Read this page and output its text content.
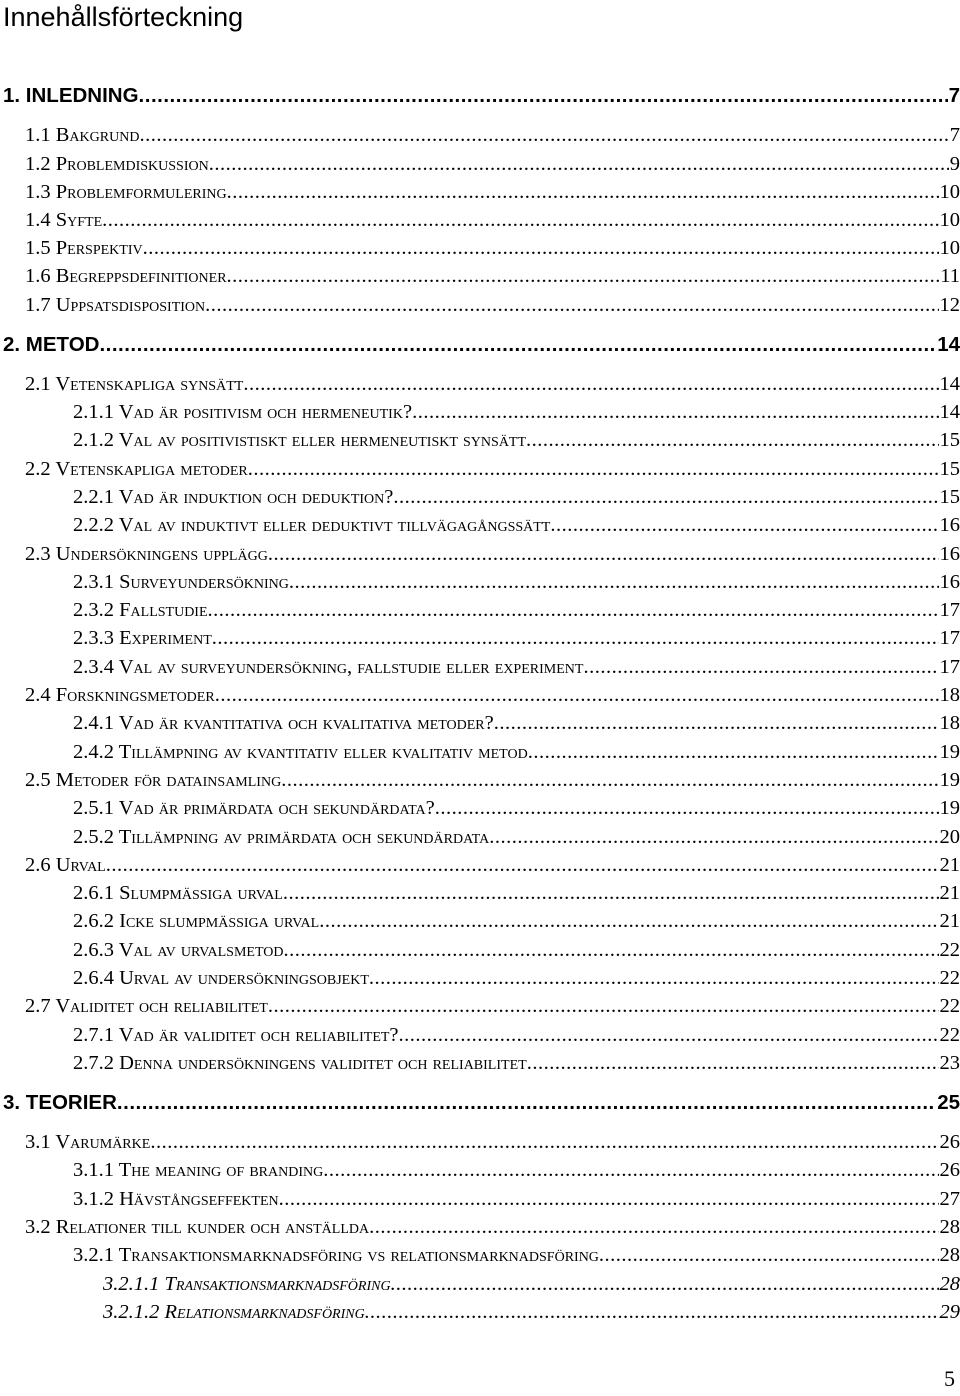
Innehållsförteckning
1. INLEDNING .....	7
1.1 Bakgrund .....	7
1.2 Problemdiskussion .....	9
1.3 Problemformulering .....	10
1.4 Syfte .....	10
1.5 Perspektiv .....	10
1.6 Begreppsdefinitioner .....	11
1.7 Uppsatsdisposition .....	12
2. METOD .....	14
2.1 Vetenskapliga synsätt .....	14
2.1.1 Vad är positivism och hermeneutik? .....	14
2.1.2 Val av positivistiskt eller hermeneutiskt synsätt .....	15
2.2 Vetenskapliga metoder .....	15
2.2.1 Vad är induktion och deduktion? .....	15
2.2.2 Val av induktivt eller deduktivt tillvägagångssätt .....	16
2.3 Undersökningens upplägg .....	16
2.3.1 Surveyundersökning .....	16
2.3.2 Fallstudie .....	17
2.3.3 Experiment .....	17
2.3.4 Val av surveyundersökning, fallstudie eller experiment .....	17
2.4 Forskningsmetoder .....	18
2.4.1 Vad är kvantitativa och kvalitativa metoder? .....	18
2.4.2 Tillämpning av kvantitativ eller kvalitativ metod .....	19
2.5 Metoder för datainsamling .....	19
2.5.1 Vad är primärdata och sekundärdata? .....	19
2.5.2 Tillämpning av primärdata och sekundärdata .....	20
2.6 Urval .....	21
2.6.1 Slumpmässiga urval .....	21
2.6.2 Icke slumpmässiga urval .....	21
2.6.3 Val av urvalsmetod .....	22
2.6.4 Urval av undersökningsobjekt .....	22
2.7 Validitet och reliabilitet .....	22
2.7.1 Vad är validitet och reliabilitet? .....	22
2.7.2 Denna undersökningens validitet och reliabilitet .....	23
3. TEORIER .....	25
3.1 Varumärke .....	26
3.1.1 The meaning of branding .....	26
3.1.2 Hävstångseffekten .....	27
3.2 Relationer till kunder och anställda .....	28
3.2.1 Transaktionsmarknadsföring vs relationsmarknadsföring .....	28
3.2.1.1 Transaktionsmarknadsföring .....	28
3.2.1.2 Relationsmarknadsföring .....	29
5
